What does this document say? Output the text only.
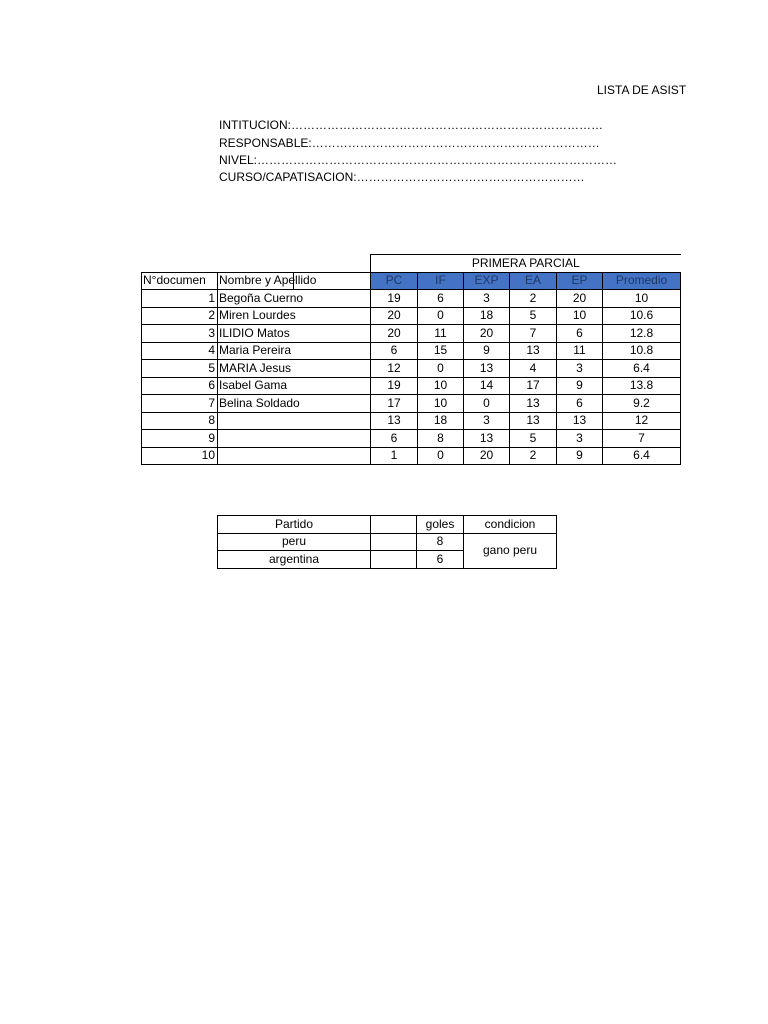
LISTA DE ASIST
INTITUCION:……………………………………………………………………
RESPONSABLE:………………………………………………………………
NIVEL:………………………………………………………………………………
CURSO/CAPATISACION:…………………………………………………
		PRIMERA PARCIAL					
N°documen	Nombre y Apellido	PC	IF	EXP	EA	EP	Promedio
1	Begoña Cuerno	19	6	3	2	20	10
2	Miren Lourdes	20	0	18	5	10	10.6
3	ILIDIO Matos	20	11	20	7	6	12.8
4	Maria Pereira	6	15	9	13	11	10.8
5	MARIA Jesus	12	0	13	4	3	6.4
6	Isabel Gama	19	10	14	17	9	13.8
7	Belina Soldado	17	10	0	13	6	9.2
8		13	18	3	13	13	12
9		6	8	13	5	3	7
10		1	0	20	2	9	6.4
Partido		goles	condicion
peru		8	gano peru
argentina		6	
